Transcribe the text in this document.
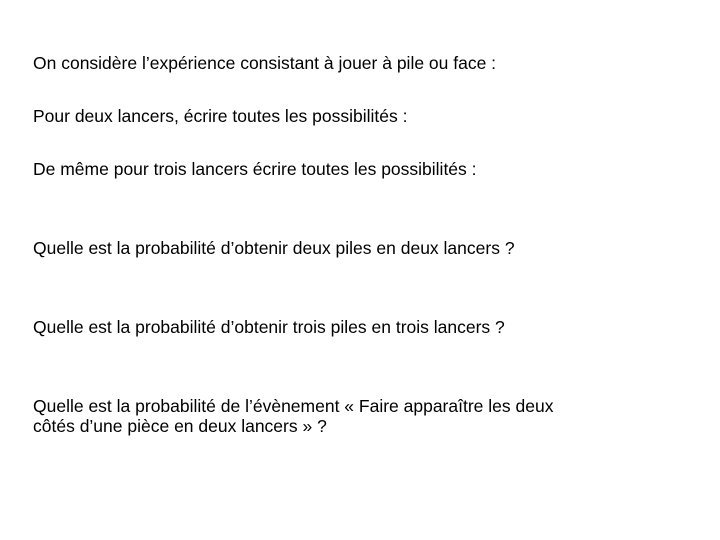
On considère l’expérience consistant à jouer à pile ou face :
Pour deux lancers, écrire toutes les possibilités :
De même pour trois lancers écrire toutes les possibilités :
Quelle est la probabilité d’obtenir deux piles en deux lancers ?
Quelle est la probabilité d’obtenir trois piles en trois lancers ?
Quelle est la probabilité de l’évènement « Faire apparaître les deux
côtés d’une pièce en deux lancers » ?
